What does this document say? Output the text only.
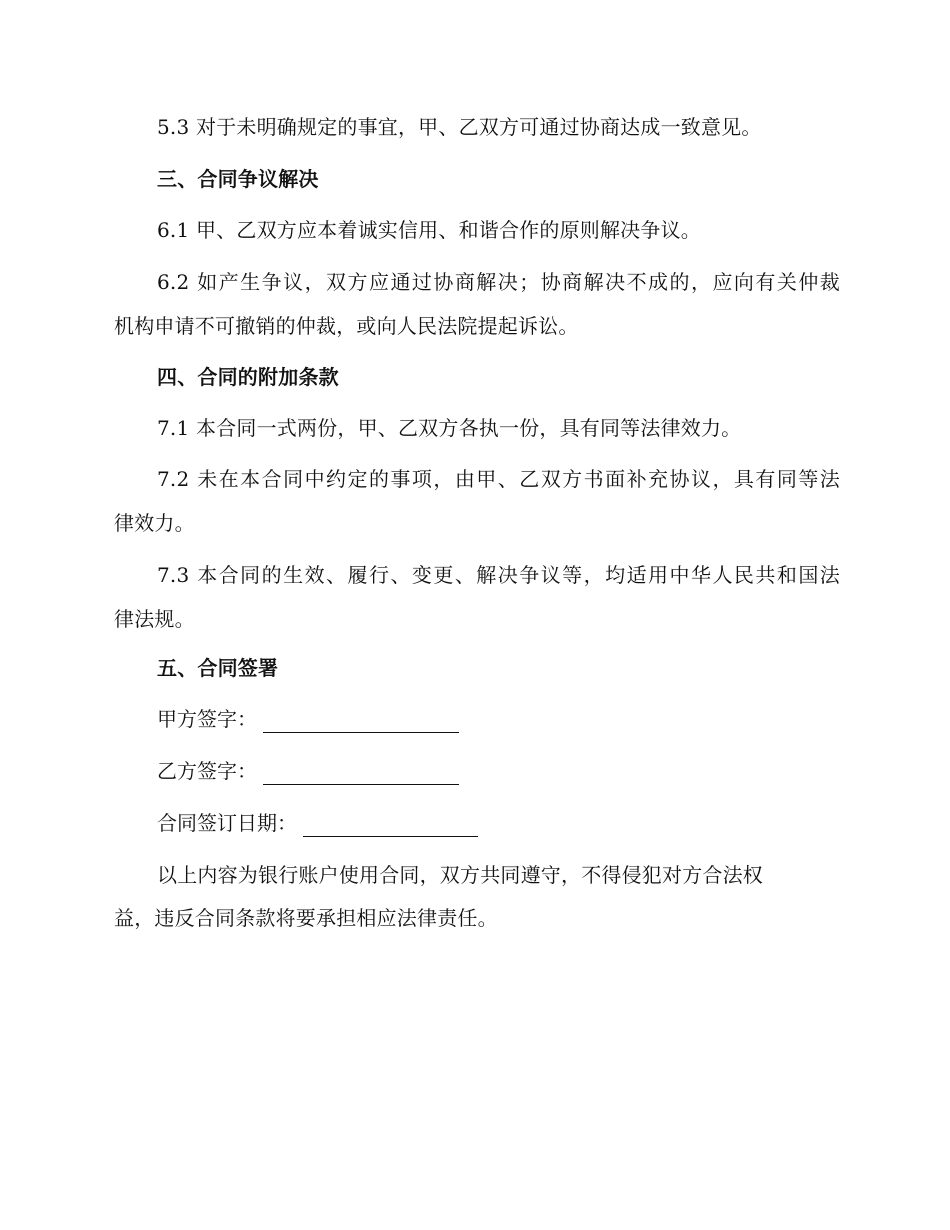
5.3 对于未明确规定的事宜，甲、乙双方可通过协商达成一致意见。
三、合同争议解决
6.1 甲、乙双方应本着诚实信用、和谐合作的原则解决争议。
6.2 如产生争议，双方应通过协商解决；协商解决不成的，应向有关仲裁
机构申请不可撤销的仲裁，或向人民法院提起诉讼。
四、合同的附加条款
7.1 本合同一式两份，甲、乙双方各执一份，具有同等法律效力。
7.2 未在本合同中约定的事项，由甲、乙双方书面补充协议，具有同等法
律效力。
7.3 本合同的生效、履行、变更、解决争议等，均适用中华人民共和国法
律法规。
五、合同签署
甲方签字：
乙方签字：
合同签订日期：
以上内容为银行账户使用合同，双方共同遵守，不得侵犯对方合法权
益，违反合同条款将要承担相应法律责任。
